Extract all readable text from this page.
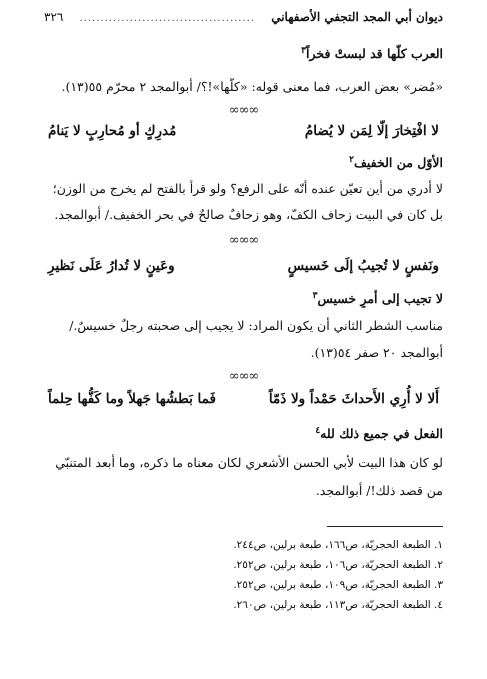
ديوان أبي المجد التجفي الأصفهاني
..........................................
٣٢٦
العرب كلّها قد لبستْ فخراً$^٣$
«مُضر» بعض العرب، فما معنى قوله: «كلُّها»!؟/ أبوالمجد ٢ محرّم ٥٥(١٣).
∞∞∞
لا افْتِخارَ إلّا لِمَن لا يُضامُ
مُدرِكٍ أو مُحارِبٍ لا يَنامُ
الأوّل من الخفيف$^٢$
لا أدري من أين تعيّن عنده أنّه على الرفع؟ ولو قرأ بالفتح لم يخرج من الوزن؛
بل كان في البيت زحاف الكفّ، وهو زحافٌ صالحٌ في بحر الخفيف./ أبوالمجد.
∞∞∞
ونَفسٍ لا تُجيبُ إلَى خَسيسٍ
وعَينٍ لا تُدارُ عَلَى نَظيرِ
لا تجيب إلى أمرٍ خسيس$^٣$
مناسب الشطر الثاني أن يكون المراد: لا يجيب إلى صحبته رجلٌ خسيسٌ./
أبوالمجد ٢٠ صفر ٥٤(١٣).
∞∞∞
أَلا لا أُرِي الأَحداثَ حَمْداً ولا ذَمّاً
فَما بَطشُها جَهلاً وما كَفُّها حِلماً
الفعل في جميع ذلك لله$^٤$
لو كان هذا البيت لأبي الحسن الأشعري لكان معناه ما ذكره، وما أبعد المتنبّي
من قصد ذلك!/ أبوالمجد.
١. الطبعة الحجريّة، ص١٦٦، طبعة برلين، ص٢٤٤.
٢. الطبعة الحجريّة، ص١٠٦، طبعة برلين، ص٢٥٢.
٣. الطبعة الحجريّة، ص١٠٩، طبعة برلين، ص٢٥٢.
٤. الطبعة الحجريّة، ص١١٣، طبعة برلين، ص٢٦٠.
